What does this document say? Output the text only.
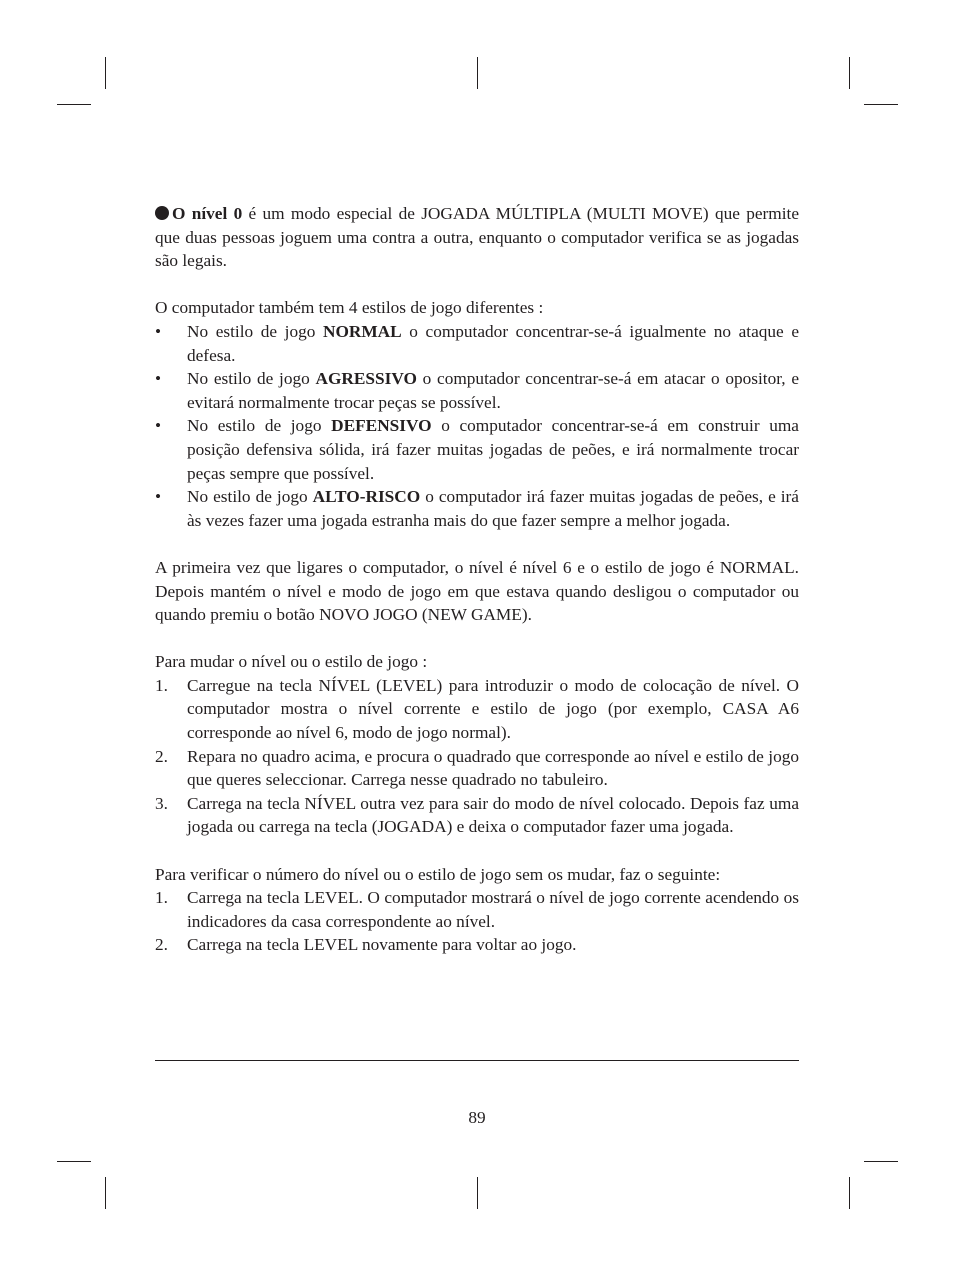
O nível 0 é um modo especial de JOGADA MÚLTIPLA (MULTI MOVE) que permite que duas pessoas joguem uma contra a outra, enquanto o computador verifica se as jogadas são legais.

O computador também tem 4 estilos de jogo diferentes :

• No estilo de jogo NORMAL o computador concentrar-se-á igualmente no ataque e defesa.
• No estilo de jogo AGRESSIVO o computador concentrar-se-á em atacar o opositor, e evitará normalmente trocar peças se possível.
• No estilo de jogo DEFENSIVO o computador concentrar-se-á em construir uma posição defensiva sólida, irá fazer muitas jogadas de peões, e irá normalmente trocar peças sempre que possível.
• No estilo de jogo ALTO-RISCO o computador irá fazer muitas jogadas de peões, e irá às vezes fazer uma jogada estranha mais do que fazer sempre a melhor jogada.

A primeira vez que ligares o computador, o nível é nível 6 e o estilo de jogo é NORMAL. Depois mantém o nível e modo de jogo em que estava quando desligou o computador ou quando premiu o botão NOVO JOGO (NEW GAME).

Para mudar o nível ou o estilo de jogo :

1. Carregue na tecla NÍVEL (LEVEL) para introduzir o modo de colocação de nível. O computador mostra o nível corrente e estilo de jogo (por exemplo, CASA A6 corresponde ao nível 6, modo de jogo normal).
2. Repara no quadro acima, e procura o quadrado que corresponde ao nível e estilo de jogo que queres seleccionar. Carrega nesse quadrado no tabuleiro.
3. Carrega na tecla NÍVEL outra vez para sair do modo de nível colocado. Depois faz uma jogada ou carrega na tecla (JOGADA) e deixa o computador fazer uma jogada.

Para verificar o número do nível ou o estilo de jogo sem os mudar, faz o seguinte:

1. Carrega na tecla LEVEL. O computador mostrará o nível de jogo corrente acendendo os indicadores da casa correspondente ao nível.
2. Carrega na tecla LEVEL novamente para voltar ao jogo.
89
